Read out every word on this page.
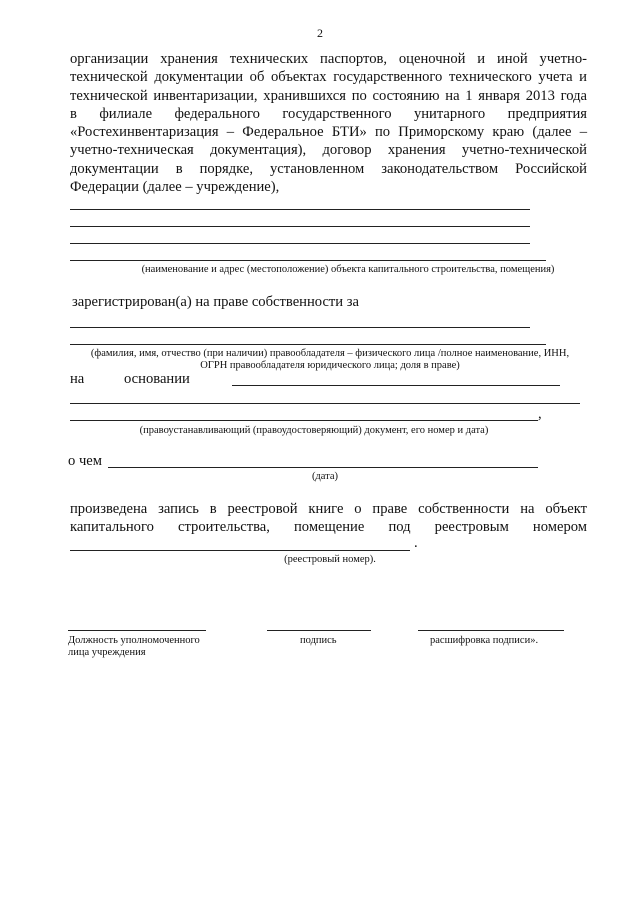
2
организации хранения технических паспортов, оценочной и иной учетно-
технической документации об объектах государственного технического учета и
технической инвентаризации, хранившихся по состоянию на 1 января 2013 года
в филиале федерального государственного унитарного предприятия
«Ростехинвентаризация – Федеральное БТИ» по Приморскому краю (далее –
учетно-техническая документация), договор хранения учетно-технической
документации в порядке, установленном законодательством Российской
Федерации (далее – учреждение),
(наименование и адрес (местоположение) объекта капитального строительства, помещения)
зарегистрирован(а) на праве собственности за
(фамилия, имя, отчество (при наличии) правообладателя – физического лица /полное наименование, ИНН,
ОГРН правообладателя юридического лица; доля в праве)
на	основании
,
(правоустанавливающий (правоудостоверяющий) документ, его номер и дата)
о чем
(дата)
произведена запись в реестровой книге о праве собственности на объект
капитального строительства, помещение под реестровым номером
.
(реестровый номер).
Должность уполномоченного
лица учреждения
подпись	расшифровка подписи».
